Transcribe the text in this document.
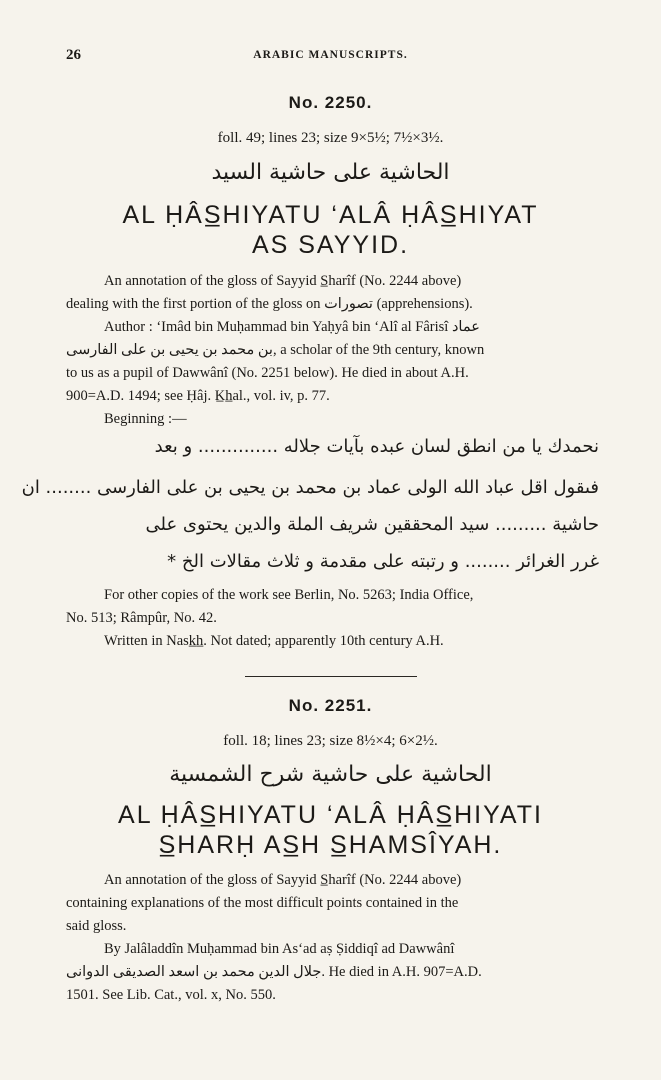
26	ARABIC MANUSCRIPTS.
No. 2250.
foll. 49; lines 23; size 9×5½; 7½×3½.
الحاشية على حاشية السيد
AL ḤÂS̲HIYATU ‘ALÂ ḤÂS̲HIYAT
AS SAYYID.
An annotation of the gloss of Sayyid S̲harîf (No. 2244 above)
dealing with the first portion of the gloss on تصورات (apprehensions).
Author : ‘Imâd bin Muḥammad bin Yaḥyâ bin ‘Alî al Fârisî عماد
بن محمد بن يحيى بن على الفارسى, a scholar of the 9th century, known
to us as a pupil of Dawwânî (No. 2251 below). He died in about A.H.
900=A.D. 1494; see Ḥâj. K̲h̲al., vol. iv, p. 77.
Beginning :—
نحمدك يا من انطق لسان عبده بآيات جلاله .............. و بعد
فىقول اقل عباد الله الولى عماد بن محمد بن يحيى بن على الفارسى ........ ان
حاشية ......... سيد المحققين شريف الملة والدين يحتوى على
غرر الغرائر ........ و رتبته على مقدمة و ثلاث مقالات الخ *
For other copies of the work see Berlin, No. 5263; India Office,
No. 513; Râmpûr, No. 42.
Written in Nask̲h̲. Not dated; apparently 10th century A.H.
No. 2251.
foll. 18; lines 23; size 8½×4; 6×2½.
الحاشية على حاشية شرح الشمسية
AL ḤÂS̲HIYATU ‘ALÂ ḤÂS̲HIYATI
S̲HARḤ AS̲H S̲HAMSÎYAH.
An annotation of the gloss of Sayyid S̲harîf (No. 2244 above)
containing explanations of the most difficult points contained in the
said gloss.
By Jalâladdîn Muḥammad bin As‘ad aṣ Ṣiddiqî ad Dawwânî
جلال الدين محمد بن اسعد الصديقى الدوانى. He died in A.H. 907=A.D.
1501. See Lib. Cat., vol. x, No. 550.
